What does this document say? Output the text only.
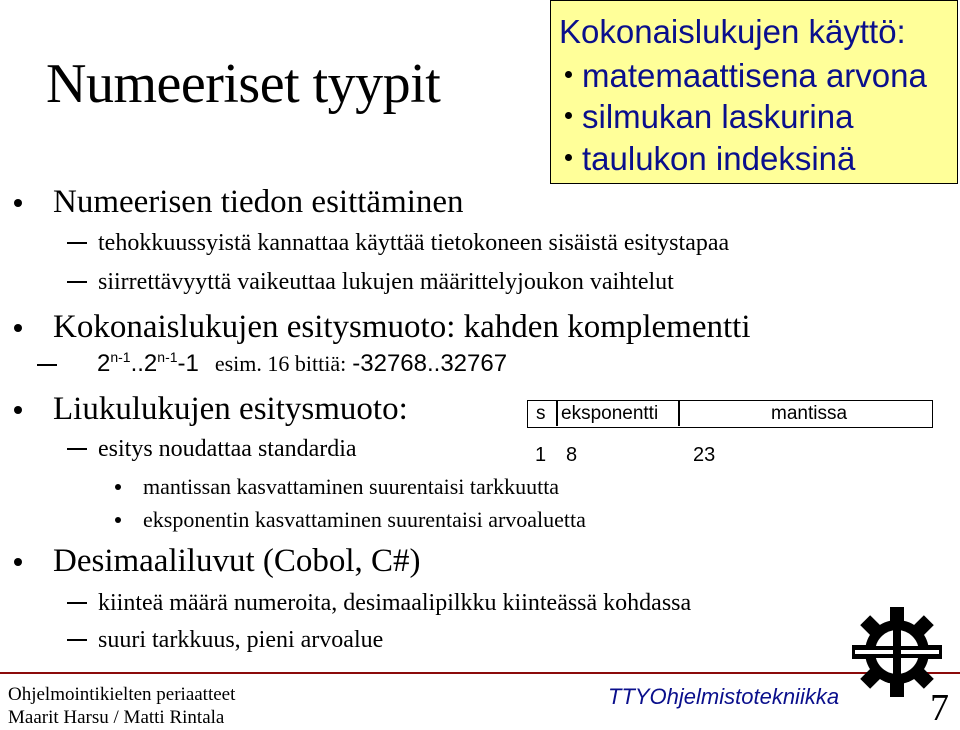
Numeeriset tyypit
Kokonaislukujen käyttö:
matemaattisena arvona
silmukan laskurina
taulukon indeksinä
Numeerisen tiedon esittäminen
tehokkuussyistä kannattaa käyttää tietokoneen sisäistä esitystapaa
siirrettävyyttä vaikeuttaa lukujen määrittelyjoukon vaihtelut
Kokonaislukujen esitysmuoto: kahden komplementti
2$^{n-1}$..2$^{n-1}$-1 esim. 16 bittiä: -32768..32767
Liukulukujen esitysmuoto:
esitys noudattaa standardia
mantissan kasvattaminen suurentaisi tarkkuutta
eksponentin kasvattaminen suurentaisi arvoaluetta
s eksponentti	mantissa
1 8	23
Desimaaliluvut (Cobol, C#)
kiinteä määrä numeroita, desimaalipilkku kiinteässä kohdassa
suuri tarkkuus, pieni arvoalue
Ohjelmointikielten periaatteet
Maarit Harsu / Matti Rintala
TTYOhjelmistotekniikka 7
